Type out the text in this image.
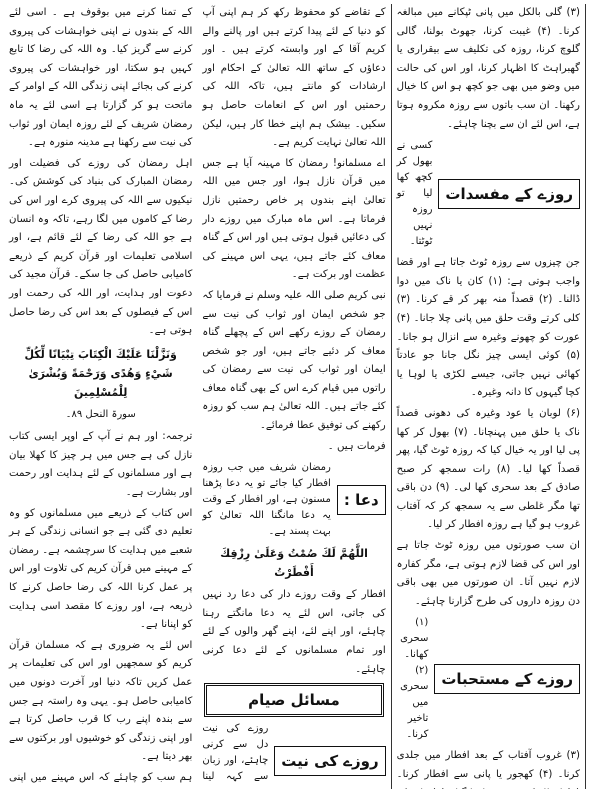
کے تمنا کرنے میں بوقوف ہے ۔ اسی لئے اللہ کے بندوں نے اپنی خواہشات کی پیروی کرنے سے گریز کیا۔ وہ اللہ کی رضا کا تابع کہیں ہو سکتا، اور خواہشات کی پیروی کرنے کی بجائے اپنی زندگی اللہ کے اوامر کے ماتحت ہو کر گزارتا ہے اسی لئے یہ ماہ رمضان شریف کے لئے روزہ ایمان اور ثواب کی نیت سے رکھنا ہے مدینہ منورہ ہے۔

اہل رمضان کی روزے کی فضیلت اور رمضان المبارک کی بنیاد کی کوشش کی۔ نیکیوں سے اللہ کی پیروی کرے اور اس کی رضا کے کاموں میں لگا رہے، تاکہ وہ انسان ہے جو اللہ کی رضا کے لئے قائم ہے، اور اسلامی تعلیمات اور قرآن کریم کے ذریعے کامیابی حاصل کی جا سکے۔ قرآن مجید کی دعوت اور ہدایت، اور اللہ کی رحمت اور اس کے فیصلوں کے بعد اس کی رضا حاصل ہوتی ہے۔

وَنَزَّلْنَا عَلَيْكَ الْكِتَابَ تِبْيَانًا لِّكُلِّ شَيْءٍ وَهُدًى وَرَحْمَةً وَبُشْرَىٰ لِلْمُسْلِمِينَ
سورۃ النحل ۸۹۔

ترجمہ: اور ہم نے آپ کے اوپر ایسی کتاب نازل کی ہے جس میں ہر چیز کا کھلا بیان ہے اور مسلمانوں کے لئے ہدایت اور رحمت اور بشارت ہے۔

اس کتاب کے ذریعے میں مسلمانوں کو وہ تعلیم دی گئی ہے جو انسانی زندگی کے ہر شعبے میں ہدایت کا سرچشمہ ہے۔ رمضان کے مہینے میں قرآن کریم کی تلاوت اور اس پر عمل کرنا اللہ کی رضا حاصل کرنے کا ذریعہ ہے، اور روزے کا مقصد اسی ہدایت کو اپنانا ہے۔

اس لئے یہ ضروری ہے کہ مسلمان قرآن کریم کو سمجھیں اور اس کی تعلیمات پر عمل کریں تاکہ دنیا اور آخرت دونوں میں کامیابی حاصل ہو۔ یہی وہ راستہ ہے جس سے بندہ اپنے رب کا قرب حاصل کرتا ہے اور اپنی زندگی کو خوشیوں اور برکتوں سے بھر دیتا ہے۔

ہم سب کو چاہئے کہ اس مہینے میں اپنی

کے تقاضے کو محفوظ رکھ کر ہم اپنی آپ کو دنیا کے لئے پیدا کرتے ہیں اور پالنے والے کریم آقا کے اور وابستہ کرتے ہیں ۔ اور دعاؤں کے ساتھ اللہ تعالیٰ کے احکام اور ارشادات کو مانتے ہیں، تاکہ اللہ کی رحمتیں اور اس کے انعامات حاصل ہو سکیں۔ بیشک ہم اپنے خطا کار ہیں، لیکن اللہ تعالیٰ نہایت کریم ہے۔

اے مسلمانو! رمضان کا مہینہ آیا ہے جس میں قرآن نازل ہوا، اور جس میں اللہ تعالیٰ اپنے بندوں پر خاص رحمتیں نازل فرماتا ہے۔ اس ماہ مبارک میں روزے دار کی دعائیں قبول ہوتی ہیں اور اس کے گناہ معاف کئے جاتے ہیں، یہی اس مہینے کی عظمت اور برکت ہے۔

نبی کریم صلی اللہ علیہ وسلم نے فرمایا کہ جو شخص ایمان اور ثواب کی نیت سے رمضان کے روزے رکھے اس کے پچھلے گناہ معاف کر دئیے جاتے ہیں، اور جو شخص ایمان اور ثواب کی نیت سے رمضان کی راتوں میں قیام کرے اس کے بھی گناہ معاف کئے جاتے ہیں۔ اللہ تعالیٰ ہم سب کو روزہ رکھنے کی توفیق عطا فرمائے۔

فرمات ہیں ۔

دعا :
رمضان شریف میں جب روزہ افطار کیا جائے تو یہ دعا پڑھنا مسنون ہے، اور افطار کے وقت یہ دعا مانگنا اللہ تعالیٰ کو بہت پسند ہے۔
اللَّهُمَّ لَكَ صُمْتُ وَعَلَىٰ رِزْقِكَ أَفْطَرْتُ

افطار کے وقت روزے دار کی دعا رد نہیں کی جاتی، اس لئے یہ دعا مانگتے رہنا چاہئے، اور اپنے لئے، اپنے گھر والوں کے لئے اور تمام مسلمانوں کے لئے دعا کرنی چاہئے۔

مسائل صیام
روزے کی نیت
روزے کی نیت دل سے کرنی چاہئے، اور زبان سے کہہ لینا

(۳) گلی بالکل میں پانی ٹپکانے میں مبالغہ کرنا۔ (۴) غیبت کرنا، جھوٹ بولنا، گالی گلوچ کرنا، روزہ کی تکلیف سے بیقراری یا گھبراہٹ کا اظہار کرنا، اور اس کی حالت میں وضو میں بھی جو کچھ ہو اس کا خیال رکھنا۔ ان سب باتوں سے روزہ مکروہ ہوتا ہے، اس لئے ان سے بچنا چاہئے۔

روزے کے مفسدات
کسی نے بھول کر کچھ کھا لیا تو روزہ نہیں ٹوٹتا۔

جن چیزوں سے روزہ ٹوٹ جاتا ہے اور قضا واجب ہوتی ہے: (۱) کان یا ناک میں دوا ڈالنا۔ (۲) قصداً منہ بھر کر قے کرنا۔ (۳) کلی کرتے وقت حلق میں پانی چلا جانا۔ (۴) عورت کو چھونے وغیرہ سے انزال ہو جانا۔ (۵) کوئی ایسی چیز نگل جانا جو عادتاً کھائی نہیں جاتی، جیسے لکڑی یا لوہا یا کچا گیہوں کا دانہ وغیرہ۔

(۶) لوبان یا عود وغیرہ کی دھونی قصداً ناک یا حلق میں پہنچانا۔ (۷) بھول کر کھا پی لیا اور یہ خیال کیا کہ روزہ ٹوٹ گیا، پھر قصداً کھا لیا۔ (۸) رات سمجھ کر صبح صادق کے بعد سحری کھا لی۔ (۹) دن باقی تھا مگر غلطی سے یہ سمجھ کر کہ آفتاب غروب ہو گیا ہے روزہ افطار کر لیا۔

ان سب صورتوں میں روزہ ٹوٹ جاتا ہے اور اس کی قضا لازم ہوتی ہے، مگر کفارہ لازم نہیں آتا۔ ان صورتوں میں بھی باقی دن روزہ داروں کی طرح گزارنا چاہئے۔

روزے کے مستحبات
(۱) سحری کھانا۔ (۲) سحری میں تاخیر کرنا۔

(۳) غروب آفتاب کے بعد افطار میں جلدی کرنا۔ (۴) کھجور یا پانی سے افطار کرنا۔
